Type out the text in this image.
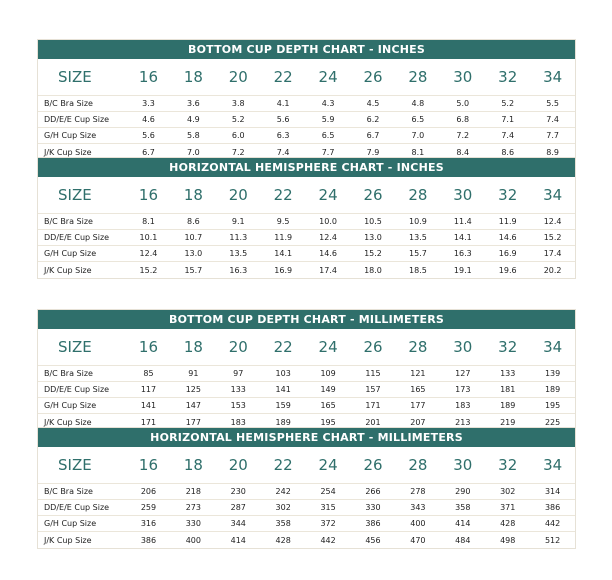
BOTTOM CUP DEPTH CHART - INCHES
SIZE	16	18	20	22	24	26	28	30	32	34
B/C Bra Size	3.3	3.6	3.8	4.1	4.3	4.5	4.8	5.0	5.2	5.5
DD/E/E Cup Size	4.6	4.9	5.2	5.6	5.9	6.2	6.5	6.8	7.1	7.4
G/H Cup Size	5.6	5.8	6.0	6.3	6.5	6.7	7.0	7.2	7.4	7.7
J/K Cup Size	6.7	7.0	7.2	7.4	7.7	7.9	8.1	8.4	8.6	8.9
HORIZONTAL HEMISPHERE CHART - INCHES
SIZE	16	18	20	22	24	26	28	30	32	34
B/C Bra Size	8.1	8.6	9.1	9.5	10.0	10.5	10.9	11.4	11.9	12.4
DD/E/E Cup Size	10.1	10.7	11.3	11.9	12.4	13.0	13.5	14.1	14.6	15.2
G/H Cup Size	12.4	13.0	13.5	14.1	14.6	15.2	15.7	16.3	16.9	17.4
J/K Cup Size	15.2	15.7	16.3	16.9	17.4	18.0	18.5	19.1	19.6	20.2
BOTTOM CUP DEPTH CHART - MILLIMETERS
SIZE	16	18	20	22	24	26	28	30	32	34
B/C Bra Size	85	91	97	103	109	115	121	127	133	139
DD/E/E Cup Size	117	125	133	141	149	157	165	173	181	189
G/H Cup Size	141	147	153	159	165	171	177	183	189	195
J/K Cup Size	171	177	183	189	195	201	207	213	219	225
HORIZONTAL HEMISPHERE CHART - MILLIMETERS
SIZE	16	18	20	22	24	26	28	30	32	34
B/C Bra Size	206	218	230	242	254	266	278	290	302	314
DD/E/E Cup Size	259	273	287	302	315	330	343	358	371	386
G/H Cup Size	316	330	344	358	372	386	400	414	428	442
J/K Cup Size	386	400	414	428	442	456	470	484	498	512
